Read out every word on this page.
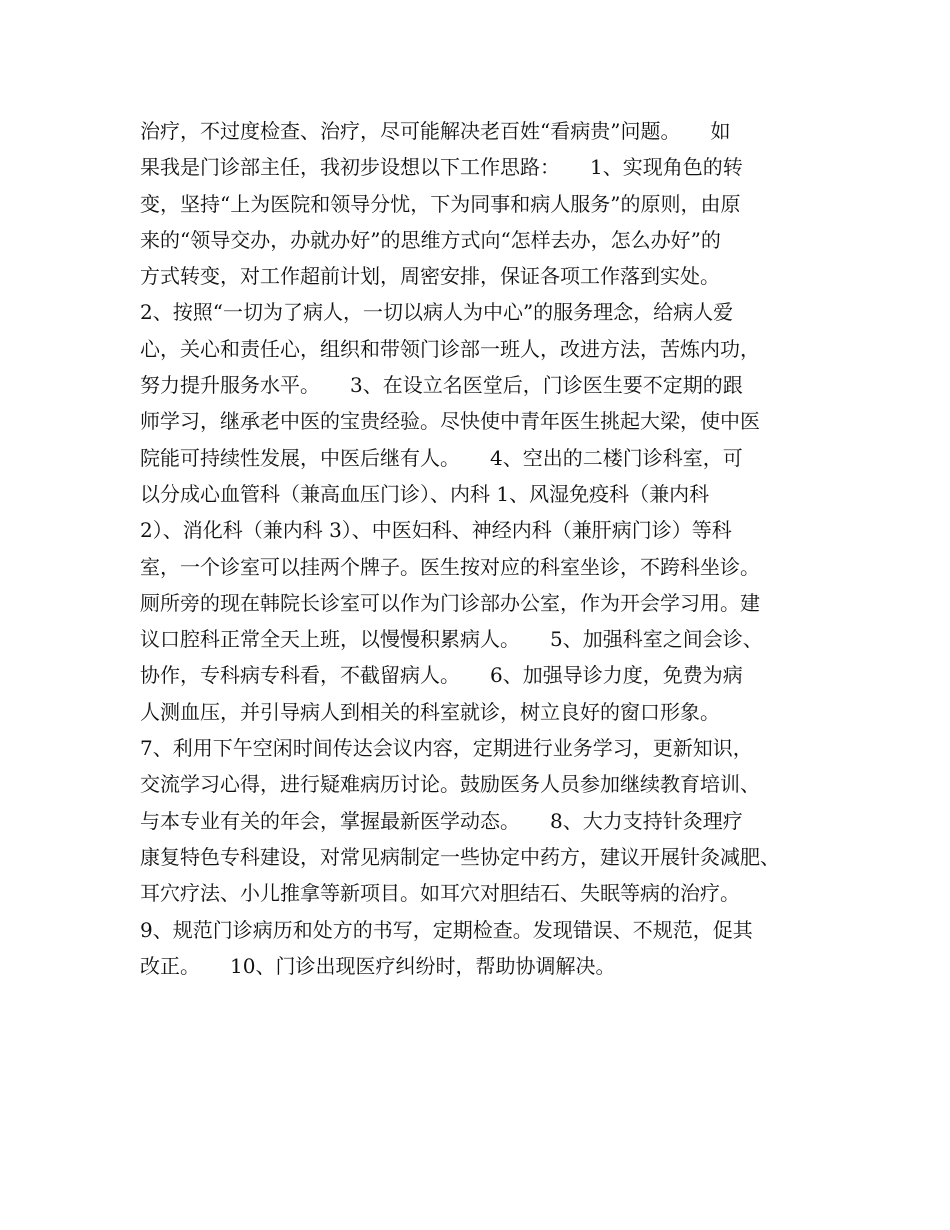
治疗，不过度检查、治疗，尽可能解决老百姓“看病贵”问题。　　如
果我是门诊部主任，我初步设想以下工作思路：　　1、实现角色的转
变，坚持“上为医院和领导分忧，下为同事和病人服务”的原则，由原
来的“领导交办，办就办好”的思维方式向“怎样去办，怎么办好”的
方式转变，对工作超前计划，周密安排，保证各项工作落到实处。
2、按照“一切为了病人，一切以病人为中心”的服务理念，给病人爱
心，关心和责任心，组织和带领门诊部一班人，改进方法，苦炼内功，
努力提升服务水平。　　3、在设立名医堂后，门诊医生要不定期的跟
师学习，继承老中医的宝贵经验。尽快使中青年医生挑起大梁，使中医
院能可持续性发展，中医后继有人。　　4、空出的二楼门诊科室，可
以分成心血管科（兼高血压门诊）、内科 1、风湿免疫科（兼内科
2）、消化科（兼内科 3）、中医妇科、神经内科（兼肝病门诊）等科
室，一个诊室可以挂两个牌子。医生按对应的科室坐诊，不跨科坐诊。
厕所旁的现在韩院长诊室可以作为门诊部办公室，作为开会学习用。建
议口腔科正常全天上班，以慢慢积累病人。　　5、加强科室之间会诊、
协作，专科病专科看，不截留病人。　　6、加强导诊力度，免费为病
人测血压，并引导病人到相关的科室就诊，树立良好的窗口形象。
7、利用下午空闲时间传达会议内容，定期进行业务学习，更新知识，
交流学习心得，进行疑难病历讨论。鼓励医务人员参加继续教育培训、
与本专业有关的年会，掌握最新医学动态。　　8、大力支持针灸理疗
康复特色专科建设，对常见病制定一些协定中药方，建议开展针灸减肥、
耳穴疗法、小儿推拿等新项目。如耳穴对胆结石、失眠等病的治疗。
9、规范门诊病历和处方的书写，定期检查。发现错误、不规范，促其
改正。　　10、门诊出现医疗纠纷时，帮助协调解决。
